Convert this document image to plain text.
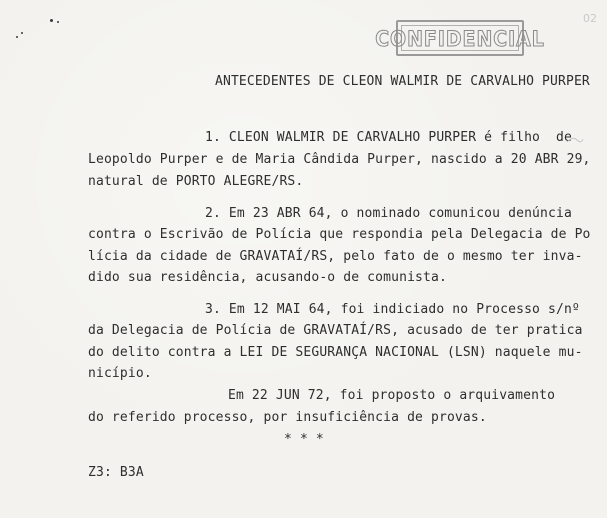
02
CONFIDENCIAL
ANTECEDENTES DE CLEON WALMIR DE CARVALHO PURPER
1. CLEON WALMIR DE CARVALHO PURPER é filho  de
Leopoldo Purper e de Maria Cândida Purper, nascido a 20 ABR 29,
natural de PORTO ALEGRE/RS.
2. Em 23 ABR 64, o nominado comunicou denúncia
contra o Escrivão de Polícia que respondia pela Delegacia de Po
lícia da cidade de GRAVATAÍ/RS, pelo fato de o mesmo ter inva-
dido sua residência, acusando-o de comunista.
3. Em 12 MAI 64, foi indiciado no Processo s/nº
da Delegacia de Polícia de GRAVATAÍ/RS, acusado de ter pratica
do delito contra a LEI DE SEGURANÇA NACIONAL (LSN) naquele mu-
nicípio.
Em 22 JUN 72, foi proposto o arquivamento
do referido processo, por insuficiência de provas.
* * *
Z3: B3A
